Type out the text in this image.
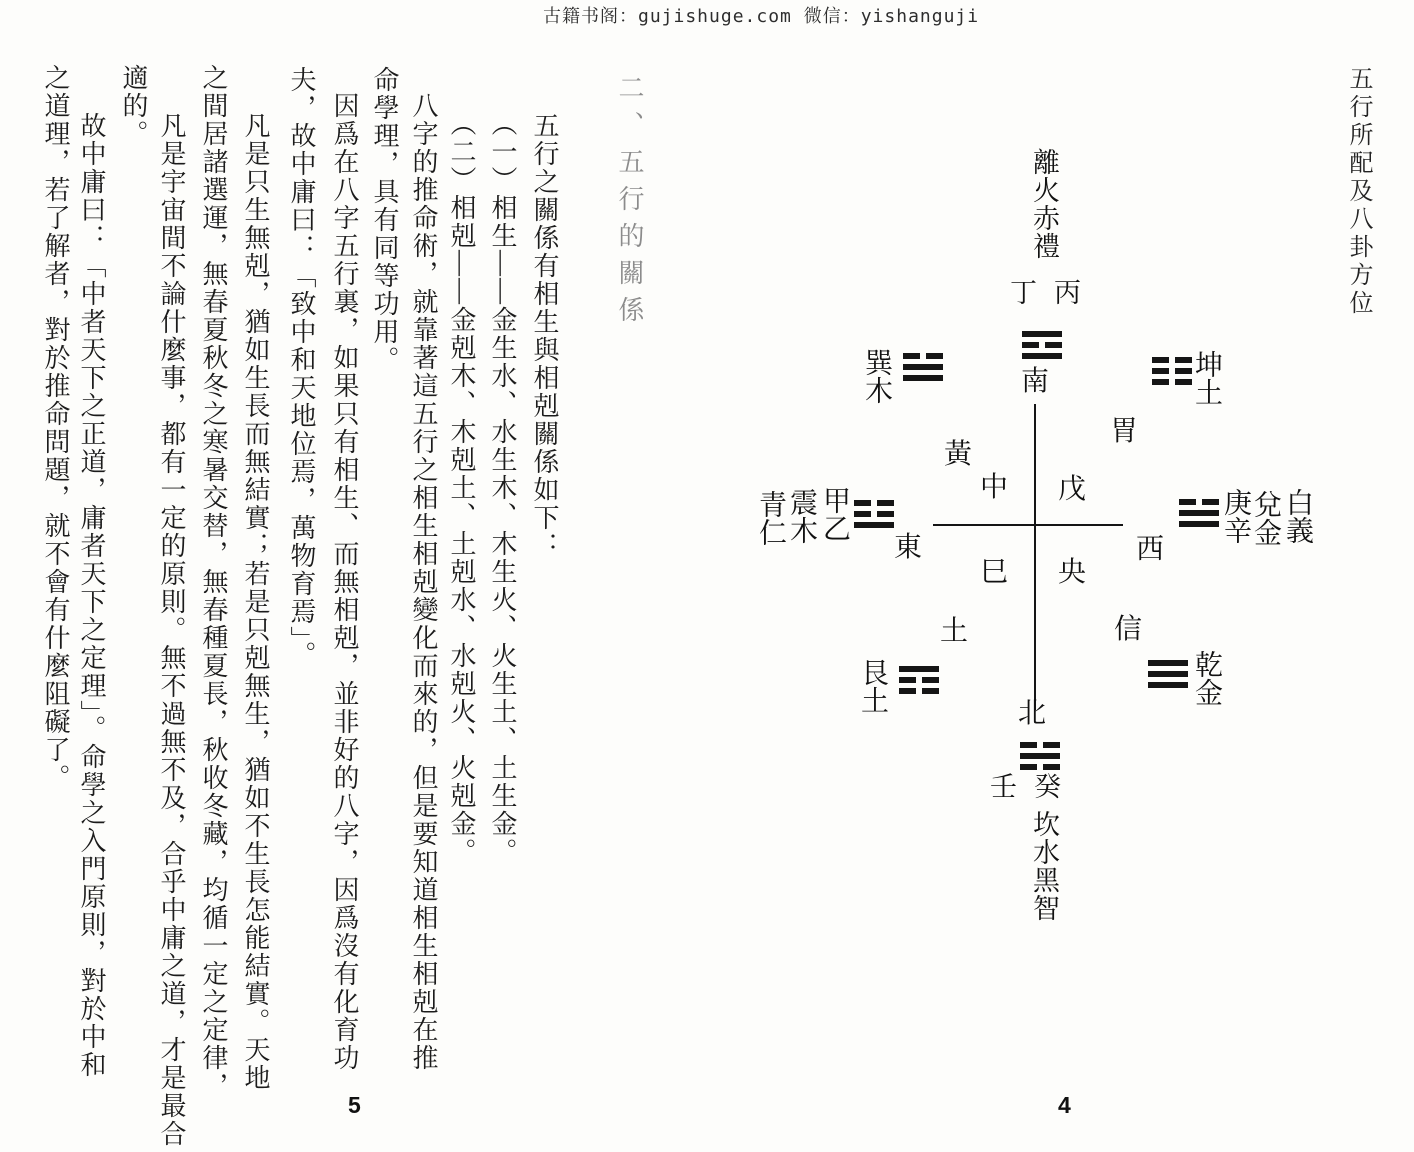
古籍书阁：gujishuge.com 微信：yishanguji
五行所配及八卦方位
離火赤禮
丁丙
南
巽木	坤土
胃
黃
中 戊
東	西
巳 央
土	信
青仁 震木 甲乙	庚辛 兌金 白義
艮土	乾金
北
壬癸
坎水黑智
4
二、五行的關係
五行之關係有相生與相剋關係如下：
（一）相生——金生水、水生木、木生火、火生土、土生金。
（二）相剋——金剋木、木剋土、土剋水、水剋火、火剋金。
八字的推命術，就靠著這五行之相生相剋變化而來的，但是要知道相生相剋在推
命學理，具有同等功用。
因爲在八字五行裏，如果只有相生、而無相剋，並非好的八字，因爲沒有化育功
夫，故中庸曰：「致中和天地位焉，萬物育焉」。
凡是只生無剋，猶如生長而無結實；若是只剋無生，猶如不生長怎能結實。天地
之間居諸選運，無春夏秋冬之寒暑交替，無春種夏長，秋收冬藏，均循一定之定律，
凡是宇宙間不論什麼事，都有一定的原則。無不過無不及，合乎中庸之道，才是最合
適的。
故中庸曰：「中者天下之正道，庸者天下之定理」。命學之入門原則，對於中和
之道理，若了解者，對於推命問題，就不會有什麼阻礙了。
5
